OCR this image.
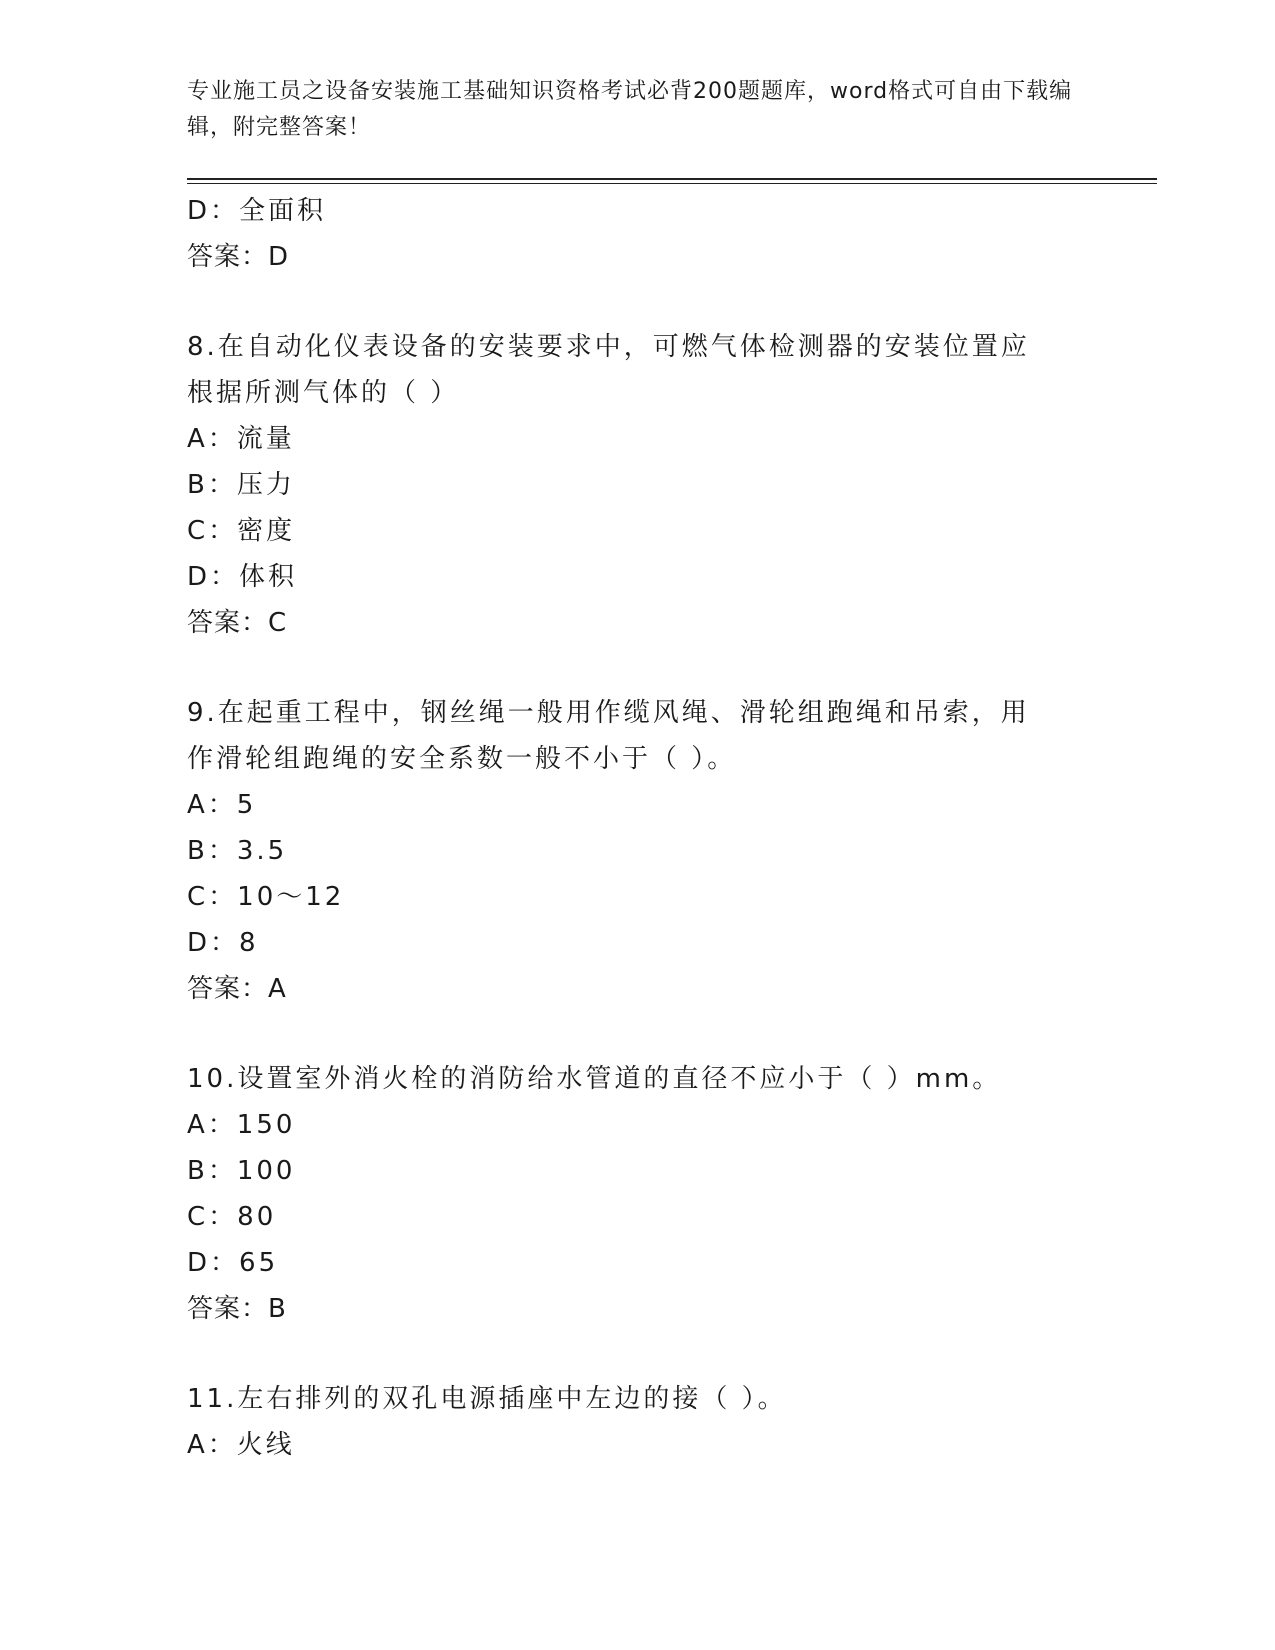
专业施工员之设备安装施工基础知识资格考试必背200题题库，word格式可自由下载编辑，附完整答案！
D：全面积
答案：D
8.在自动化仪表设备的安装要求中，可燃气体检测器的安装位置应根据所测气体的（ ）
A：流量
B：压力
C：密度
D：体积
答案：C
9.在起重工程中，钢丝绳一般用作缆风绳、滑轮组跑绳和吊索，用作滑轮组跑绳的安全系数一般不小于（ ）。
A：5
B：3.5
C：10～12
D：8
答案：A
10.设置室外消火栓的消防给水管道的直径不应小于（ ）mm。
A：150
B：100
C：80
D：65
答案：B
11.左右排列的双孔电源插座中左边的接（ ）。
A：火线
